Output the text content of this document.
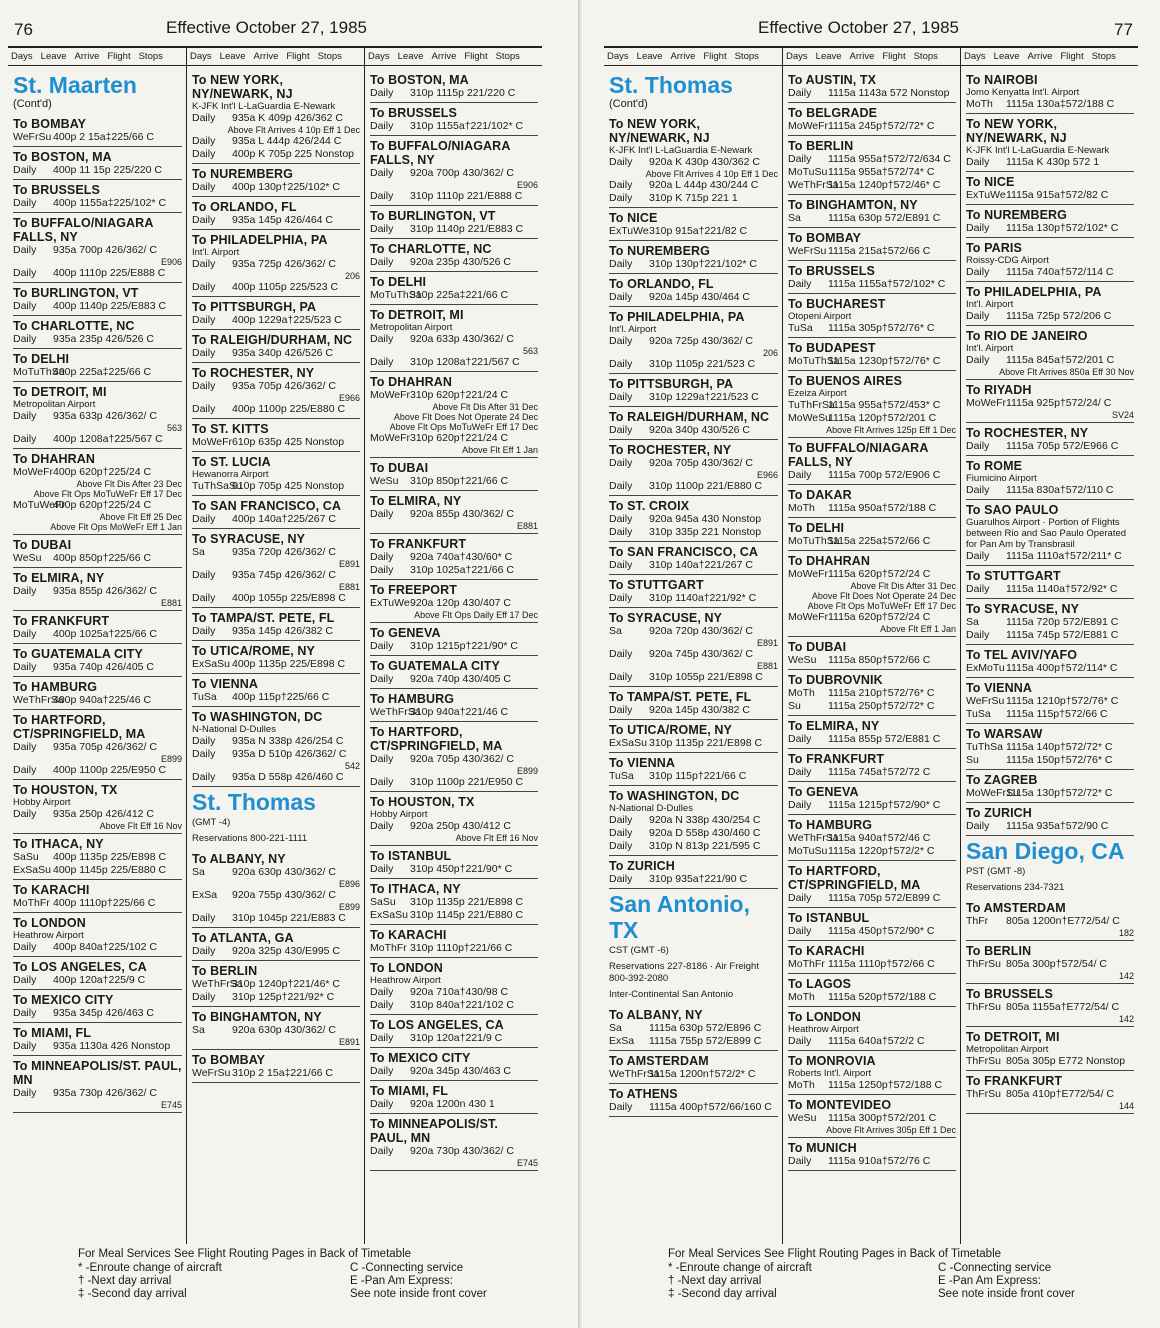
76	Effective October 27, 1985
Days Leave Arrive Flight Stops
St. Maarten
(Cont'd)
To BOMBAY
WeFrSu 400p 2 15a‡225/66 C
To BOSTON, MA
Daily	400p 11 15p 225/220 C
To BRUSSELS
Daily	400p 1155a‡225/102* C
To BUFFALO/NIAGARA FALLS, NY
Daily	935a 700p 426/362/ C
E906
Daily	400p 1110p 225/E888 C
To BURLINGTON, VT
Daily	400p 1140p 225/E883 C
To CHARLOTTE, NC
Daily	935a 235p 426/526 C
To DELHI
MoTuThSa
400p 225a‡225/66 C
To DETROIT, MI
Metropolitan Airport
Daily	935a 633p 426/362/ C
563
Daily	400p 1208a†225/567 C
To DHAHRAN
MoWeFr 400p 620p†225/24 C
Above Flt Dis After 23 Dec
Above Flt Ops MoTuWeFr Eff 17 Dec
MoTuWeFr
400p 620p†225/24 C
Above Flt Eff 25 Dec
Above Flt Ops MoWeFr Eff 1 Jan
To DUBAI
WeSu	400p 850p†225/66 C
To ELMIRA, NY
Daily	935a 855p 426/362/ C
E881
To FRANKFURT
Daily	400p 1025a†225/66 C
To GUATEMALA CITY
Daily	935a 740p 426/405 C
To HAMBURG
WeThFrSa
400p 940a†225/46 C
To HARTFORD, CT/SPRINGFIELD, MA
Daily	935a 705p 426/362/ C
E899
Daily	400p 1100p 225/E950 C
To HOUSTON, TX
Hobby Airport
Daily	935a 250p 426/412 C
Above Flt Eff 16 Nov
To ITHACA, NY
SaSu	400p 1135p 225/E898 C
ExSaSu 400p 1145p 225/E880 C
To KARACHI
MoThFr 400p 1110p†225/66 C
To LONDON
Heathrow Airport
Daily	400p 840a†225/102 C
To LOS ANGELES, CA
Daily	400p 120a†225/9 C
To MEXICO CITY
Daily	935a 345p 426/463 C
To MIAMI, FL
Daily	935a 1130a 426 Nonstop
To MINNEAPOLIS/ST. PAUL, MN
Daily	935a 730p 426/362/ C
E745
Days Leave Arrive Flight Stops
To NEW YORK, NY/NEWARK, NJ
K-JFK Int'l L-LaGuardia E-Newark
Daily	935a K 409p 426/362 C
Above Flt Arrives 4 10p Eff 1 Dec
Daily	935a L 444p 426/244 C
Daily	400p K 705p 225 Nonstop
To NUREMBERG
Daily	400p 130p†225/102* C
To ORLANDO, FL
Daily	935a 145p 426/464 C
To PHILADELPHIA, PA
Int'l. Airport
Daily	935a 725p 426/362/ C
206
Daily	400p 1105p 225/523 C
To PITTSBURGH, PA
Daily	400p 1229a†225/523 C
To RALEIGH/DURHAM, NC
Daily	935a 340p 426/526 C
To ROCHESTER, NY
Daily	935a 705p 426/362/ C
E966
Daily	400p 1100p 225/E880 C
To ST. KITTS
MoWeFr 610p 635p 425 Nonstop
To ST. LUCIA
Hewanorra Airport
TuThSaSu
610p 705p 425 Nonstop
To SAN FRANCISCO, CA
Daily	400p 140a†225/267 C
To SYRACUSE, NY
Sa	935a 720p 426/362/ C
E891
Daily	935a 745p 426/362/ C
E881
Daily	400p 1055p 225/E898 C
To TAMPA/ST. PETE, FL
Daily	935a 145p 426/382 C
To UTICA/ROME, NY
ExSaSu 400p 1135p 225/E898 C
To VIENNA
TuSa	400p 115p†225/66 C
To WASHINGTON, DC
N-National D-Dulles
Daily	935a N 338p 426/254 C
Daily	935a D 510p 426/362/ C
542
Daily	935a D 558p 426/460 C
St. Thomas
(GMT -4)
Reservations 800-221-1111
To ALBANY, NY
Sa	920a 630p 430/362/ C
E896
ExSa	920a 755p 430/362/ C
E899
Daily	310p 1045p 221/E883 C
To ATLANTA, GA
Daily	920a 325p 430/E995 C
To BERLIN
WeThFrSa
310p 1240p†221/46* C
Daily	310p 125p†221/92* C
To BINGHAMTON, NY
Sa	920a 630p 430/362/ C
E891
To BOMBAY
WeFrSu 310p 2 15a‡221/66 C
Days Leave Arrive Flight Stops
To BOSTON, MA
Daily	310p 1115p 221/220 C
To BRUSSELS
Daily	310p 1155a†221/102* C
To BUFFALO/NIAGARA FALLS, NY
Daily	920a 700p 430/362/ C
E906
Daily	310p 1110p 221/E888 C
To BURLINGTON, VT
Daily	310p 1140p 221/E883 C
To CHARLOTTE, NC
Daily	920a 235p 430/526 C
To DELHI
MoTuThSa
310p 225a‡221/66 C
To DETROIT, MI
Metropolitan Airport
Daily	920a 633p 430/362/ C
563
Daily	310p 1208a†221/567 C
To DHAHRAN
MoWeFr 310p 620p†221/24 C
Above Flt Dis After 31 Dec
Above Flt Does Not Operate 24 Dec
Above Flt Ops MoTuWeFr Eff 17 Dec
MoWeFr 310p 620p†221/24 C
Above Flt Eff 1 Jan
To DUBAI
WeSu	310p 850p†221/66 C
To ELMIRA, NY
Daily	920a 855p 430/362/ C
E881
To FRANKFURT
Daily	920a 740a†430/60* C
Daily	310p 1025a†221/66 C
To FREEPORT
ExTuWe 920a 120p 430/407 C
Above Flt Ops Daily Eff 17 Dec
To GENEVA
Daily	310p 1215p†221/90* C
To GUATEMALA CITY
Daily	920a 740p 430/405 C
To HAMBURG
WeThFrSa
310p 940a†221/46 C
To HARTFORD, CT/SPRINGFIELD, MA
Daily	920a 705p 430/362/ C
E899
Daily	310p 1100p 221/E950 C
To HOUSTON, TX
Hobby Airport
Daily	920a 250p 430/412 C
Above Flt Eff 16 Nov
To ISTANBUL
Daily	310p 450p†221/90* C
To ITHACA, NY
SaSu	310p 1135p 221/E898 C
ExSaSu 310p 1145p 221/E880 C
To KARACHI
MoThFr 310p 1110p†221/66 C
To LONDON
Heathrow Airport
Daily	920a 710a†430/98 C
Daily	310p 840a†221/102 C
To LOS ANGELES, CA
Daily	310p 120a†221/9 C
To MEXICO CITY
Daily	920a 345p 430/463 C
To MIAMI, FL
Daily	920a 1200n 430 1
To MINNEAPOLIS/ST. PAUL, MN
Daily	920a 730p 430/362/ C
E745
For Meal Services See Flight Routing Pages in Back of Timetable
* -Enroute change of aircraft
† -Next day arrival
‡ -Second day arrival
C -Connecting service
E -Pan Am Express:
See note inside front cover
Effective October 27, 1985	77
Days Leave Arrive Flight Stops
St. Thomas
(Cont'd)
To NEW YORK, NY/NEWARK, NJ
K-JFK Int'l L-LaGuardia E-Newark
Daily	920a K 430p 430/362 C
Above Flt Arrives 4 10p Eff 1 Dec
Daily	920a L 444p 430/244 C
Daily	310p K 715p 221 1
To NICE
ExTuWe 310p 915a†221/82 C
To NUREMBERG
Daily	310p 130p†221/102* C
To ORLANDO, FL
Daily	920a 145p 430/464 C
To PHILADELPHIA, PA
Int'l. Airport
Daily	920a 725p 430/362/ C
206
Daily	310p 1105p 221/523 C
To PITTSBURGH, PA
Daily	310p 1229a†221/523 C
To RALEIGH/DURHAM, NC
Daily	920a 340p 430/526 C
To ROCHESTER, NY
Daily	920a 705p 430/362/ C
E966
Daily	310p 1100p 221/E880 C
To ST. CROIX
Daily	920a 945a 430 Nonstop
Daily	310p 335p 221 Nonstop
To SAN FRANCISCO, CA
Daily	310p 140a†221/267 C
To STUTTGART
Daily	310p 1140a†221/92* C
To SYRACUSE, NY
Sa	920a 720p 430/362/ C
E891
Daily	920a 745p 430/362/ C
E881
Daily	310p 1055p 221/E898 C
To TAMPA/ST. PETE, FL
Daily	920a 145p 430/382 C
To UTICA/ROME, NY
ExSaSu 310p 1135p 221/E898 C
To VIENNA
TuSa	310p 115p†221/66 C
To WASHINGTON, DC
N-National D-Dulles
Daily	920a N 338p 430/254 C
Daily	920a D 558p 430/460 C
Daily	310p N 813p 221/595 C
To ZURICH
Daily	310p 935a†221/90 C
San Antonio, TX
CST (GMT -6)
Reservations 227-8186 · Air Freight 800-392-2080
Inter-Continental San Antonio
To ALBANY, NY
Sa	1115a 630p 572/E896 C
ExSa	1115a 755p 572/E899 C
To AMSTERDAM
WeThFrSa
1115a 1200n†572/2* C
To ATHENS
Daily	1115a 400p†572/66/160 C
Days Leave Arrive Flight Stops
To AUSTIN, TX
Daily	1115a 1143a 572 Nonstop
To BELGRADE
MoWeFr 1115a 245p†572/72* C
To BERLIN
Daily	1115a 955a†572/72/634 C
MoTuSu 1115a 955a†572/74* C
WeThFrSa
1115a 1240p†572/46* C
To BINGHAMTON, NY
Sa	1115a 630p 572/E891 C
To BOMBAY
WeFrSu 1115a 215a‡572/66 C
To BRUSSELS
Daily	1115a 1155a†572/102* C
To BUCHAREST
Otopeni Airport
TuSa	1115a 305p†572/76* C
To BUDAPEST
MoTuThSa
1115a 1230p†572/76* C
To BUENOS AIRES
Ezeiza Airport
TuThFrSa
1115a 955a†572/453* C
MoWeSu
1115a 120p†572/201 C
Above Flt Arrives 125p Eff 1 Dec
To BUFFALO/NIAGARA FALLS, NY
Daily	1115a 700p 572/E906 C
To DAKAR
MoTh	1115a 950a†572/188 C
To DELHI
MoTuThSa
1115a 225a‡572/66 C
To DHAHRAN
MoWeFr 1115a 620p†572/24 C
Above Flt Dis After 31 Dec
Above Flt Does Not Operate 24 Dec
Above Flt Ops MoTuWeFr Eff 17 Dec
MoWeFr 1115a 620p†572/24 C
Above Flt Eff 1 Jan
To DUBAI
WeSu	1115a 850p†572/66 C
To DUBROVNIK
MoTh	1115a 210p†572/76* C
Su	1115a 250p†572/72* C
To ELMIRA, NY
Daily	1115a 855p 572/E881 C
To FRANKFURT
Daily	1115a 745a†572/72 C
To GENEVA
Daily	1115a 1215p†572/90* C
To HAMBURG
WeThFrSa
1115a 940a†572/46 C
MoTuSu 1115a 1220p†572/2* C
To HARTFORD, CT/SPRINGFIELD, MA
Daily	1115a 705p 572/E899 C
To ISTANBUL
Daily	1115a 450p†572/90* C
To KARACHI
MoThFr 1115a 1110p†572/66 C
To LAGOS
MoTh	1115a 520p†572/188 C
To LONDON
Heathrow Airport
Daily	1115a 640a†572/2 C
To MONROVIA
Roberts Int'l. Airport
MoTh	1115a 1250p†572/188 C
To MONTEVIDEO
WeSu	1115a 300p†572/201 C
Above Flt Arrives 305p Eff 1 Dec
To MUNICH
Daily	1115a 910a†572/76 C
Days Leave Arrive Flight Stops
To NAIROBI
Jomo Kenyatta Int'l. Airport
MoTh	1115a 130a‡572/188 C
To NEW YORK, NY/NEWARK, NJ
K-JFK Int'l L-LaGuardia E-Newark
Daily	1115a K 430p 572 1
To NICE
ExTuWe 1115a 915a†572/82 C
To NUREMBERG
Daily	1115a 130p†572/102* C
To PARIS
Roissy-CDG Airport
Daily	1115a 740a†572/114 C
To PHILADELPHIA, PA
Int'l. Airport
Daily	1115a 725p 572/206 C
To RIO DE JANEIRO
Int'l. Airport
Daily	1115a 845a†572/201 C
Above Flt Arrives 850a Eff 30 Nov
To RIYADH
MoWeFr 1115a 925p†572/24/ C
SV24
To ROCHESTER, NY
Daily	1115a 705p 572/E966 C
To ROME
Fiumicino Airport
Daily	1115a 830a†572/110 C
To SAO PAULO
Guarulhos Airport · Portion of Flights between Rio and Sao Paulo Operated for Pan Am by Transbrasil
Daily	1115a 1110a†572/211* C
To STUTTGART
Daily	1115a 1140a†572/92* C
To SYRACUSE, NY
Sa	1115a 720p 572/E891 C
Daily	1115a 745p 572/E881 C
To TEL AVIV/YAFO
ExMoTu 1115a 400p†572/114* C
To VIENNA
WeFrSu 1115a 1210p†572/76* C
TuSa	1115a 115p†572/66 C
To WARSAW
TuThSa 1115a 140p†572/72* C
Su	1115a 150p†572/76* C
To ZAGREB
MoWeFrSu
1115a 130p†572/72* C
To ZURICH
Daily	1115a 935a†572/90 C
San Diego, CA
PST (GMT -8)
Reservations 234-7321
To AMSTERDAM
ThFr	805a 1200n†E772/54/ C
182
To BERLIN
ThFrSu 805a 300p†572/54/ C
142
To BRUSSELS
ThFrSu 805a 1155a†E772/54/ C
142
To DETROIT, MI
Metropolitan Airport
ThFrSu 805a 305p E772 Nonstop
To FRANKFURT
ThFrSu 805a 410p†E772/54/ C
144
For Meal Services See Flight Routing Pages in Back of Timetable
* -Enroute change of aircraft
† -Next day arrival
‡ -Second day arrival
C -Connecting service
E -Pan Am Express:
See note inside front cover
